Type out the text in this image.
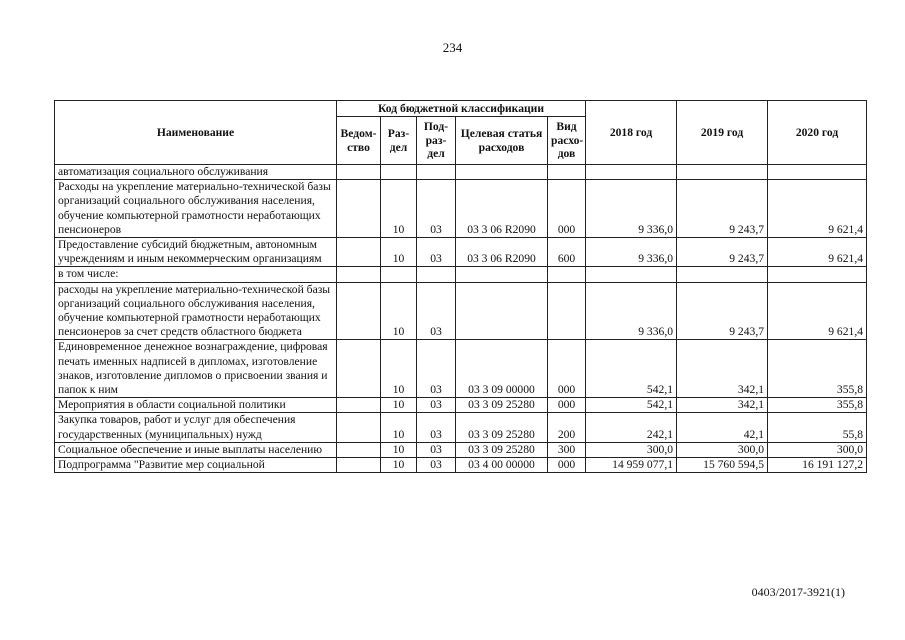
234
Наименование	Код бюджетной классификации					2018 год	2019 год	2020 год
	Ведом-ство	Раз-дел	Под-раз-дел	Целевая статья расходов	Вид расхо-дов			
автоматизация социального обслуживания								
Расходы на укрепление материально-технической базы организаций социального обслуживания населения, обучение компьютерной грамотности неработающих пенсионеров		10	03	03 3 06 R2090	000	9 336,0	9 243,7	9 621,4
Предоставление субсидий бюджетным, автономным учреждениям и иным некоммерческим организациям		10	03	03 3 06 R2090	600	9 336,0	9 243,7	9 621,4
в том числе:								
расходы на укрепление материально-технической базы организаций социального обслуживания населения, обучение компьютерной грамотности неработающих пенсионеров за счет средств областного бюджета		10	03			9 336,0	9 243,7	9 621,4
Единовременное денежное вознаграждение, цифровая печать именных надписей в дипломах, изготовление знаков, изготовление дипломов о присвоении звания и папок к ним		10	03	03 3 09 00000	000	542,1	342,1	355,8
Мероприятия в области социальной политики		10	03	03 3 09 25280	000	542,1	342,1	355,8
Закупка товаров, работ и услуг для обеспечения государственных (муниципальных) нужд		10	03	03 3 09 25280	200	242,1	42,1	55,8
Социальное обеспечение и иные выплаты населению		10	03	03 3 09 25280	300	300,0	300,0	300,0
Подпрограмма "Развитие мер социальной		10	03	03 4 00 00000	000	14 959 077,1	15 760 594,5	16 191 127,2
0403/2017-3921(1)
